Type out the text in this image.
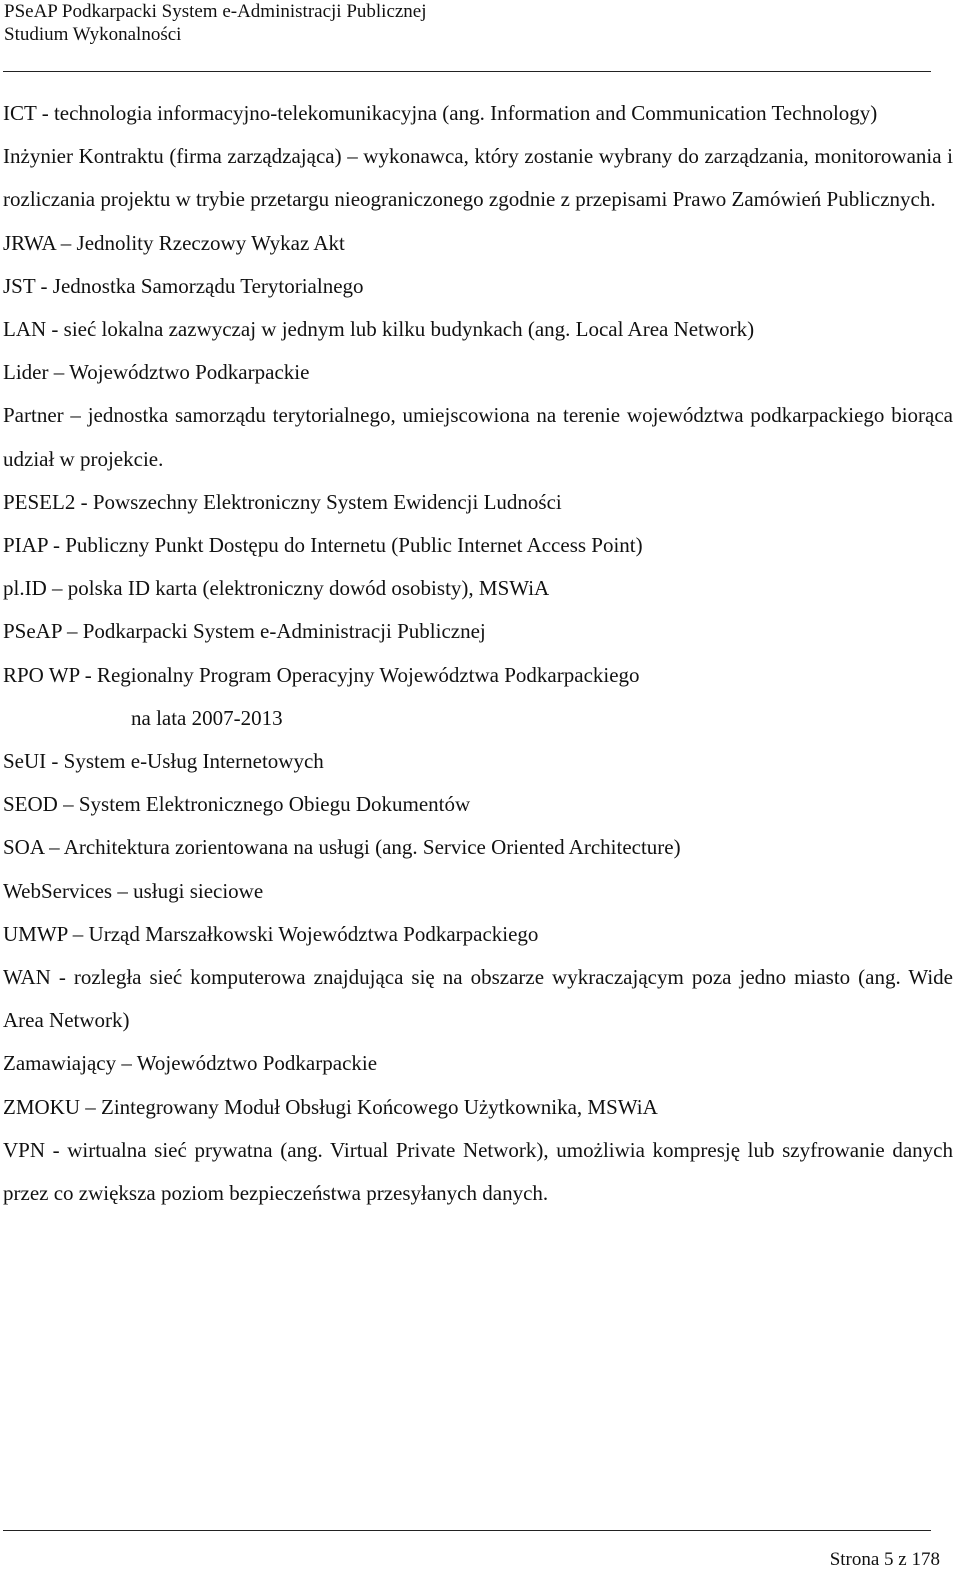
PSeAP Podkarpacki System e-Administracji Publicznej
Studium Wykonalności

ICT - technologia informacyjno-telekomunikacyjna (ang. Information and Communication Technology)

Inżynier Kontraktu (firma zarządzająca) – wykonawca, który zostanie wybrany do zarządzania, monitorowania i rozliczania projektu w trybie przetargu nieograniczonego zgodnie z przepisami Prawo Zamówień Publicznych.

JRWA – Jednolity Rzeczowy Wykaz Akt

JST - Jednostka Samorządu Terytorialnego

LAN - sieć lokalna zazwyczaj w jednym lub kilku budynkach (ang. Local Area Network)

Lider – Województwo Podkarpackie

Partner – jednostka samorządu terytorialnego, umiejscowiona na terenie województwa podkarpackiego biorąca udział w projekcie.

PESEL2 - Powszechny Elektroniczny System Ewidencji Ludności

PIAP - Publiczny Punkt Dostępu do Internetu (Public Internet Access Point)

pl.ID – polska ID karta (elektroniczny dowód osobisty), MSWiA

PSeAP – Podkarpacki System e-Administracji Publicznej

RPO WP - Regionalny Program Operacyjny Województwa Podkarpackiego

na lata 2007-2013

SeUI - System e-Usług Internetowych

SEOD – System Elektronicznego Obiegu Dokumentów

SOA – Architektura zorientowana na usługi (ang. Service Oriented Architecture)

WebServices – usługi sieciowe

UMWP – Urząd Marszałkowski Województwa Podkarpackiego

WAN - rozległa sieć komputerowa znajdująca się na obszarze wykraczającym poza jedno miasto (ang. Wide Area Network)

Zamawiający – Województwo Podkarpackie

ZMOKU – Zintegrowany Moduł Obsługi Końcowego Użytkownika, MSWiA

VPN - wirtualna sieć prywatna (ang. Virtual Private Network), umożliwia kompresję lub szyfrowanie danych przez co zwiększa poziom bezpieczeństwa przesyłanych danych.

Strona 5 z 178
